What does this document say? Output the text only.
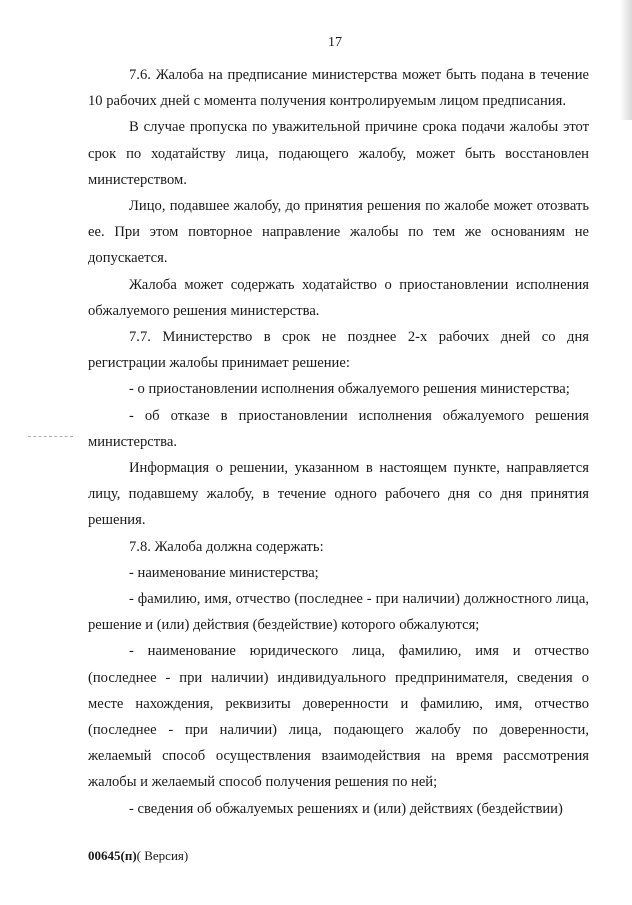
17

7.6. Жалоба на предписание министерства может быть подана в течение 10 рабочих дней с момента получения контролируемым лицом предписания.

В случае пропуска по уважительной причине срока подачи жалобы этот срок по ходатайству лица, подающего жалобу, может быть восстановлен министерством.

Лицо, подавшее жалобу, до принятия решения по жалобе может отозвать ее. При этом повторное направление жалобы по тем же основаниям не допускается.

Жалоба может содержать ходатайство о приостановлении исполнения обжалуемого решения министерства.

7.7. Министерство в срок не позднее 2-х рабочих дней со дня регистрации жалобы принимает решение:

- о приостановлении исполнения обжалуемого решения министерства;

- об отказе в приостановлении исполнения обжалуемого решения министерства.

Информация о решении, указанном в настоящем пункте, направляется лицу, подавшему жалобу, в течение одного рабочего дня со дня принятия решения.

7.8. Жалоба должна содержать:

- наименование министерства;

- фамилию, имя, отчество (последнее - при наличии) должностного лица, решение и (или) действия (бездействие) которого обжалуются;

- наименование юридического лица, фамилию, имя и отчество (последнее - при наличии) индивидуального предпринимателя, сведения о месте нахождения, реквизиты доверенности и фамилию, имя, отчество (последнее - при наличии) лица, подающего жалобу по доверенности, желаемый способ осуществления взаимодействия на время рассмотрения жалобы и желаемый способ получения решения по ней;

- сведения об обжалуемых решениях и (или) действиях (бездействии)

00645(п)( Версия)
